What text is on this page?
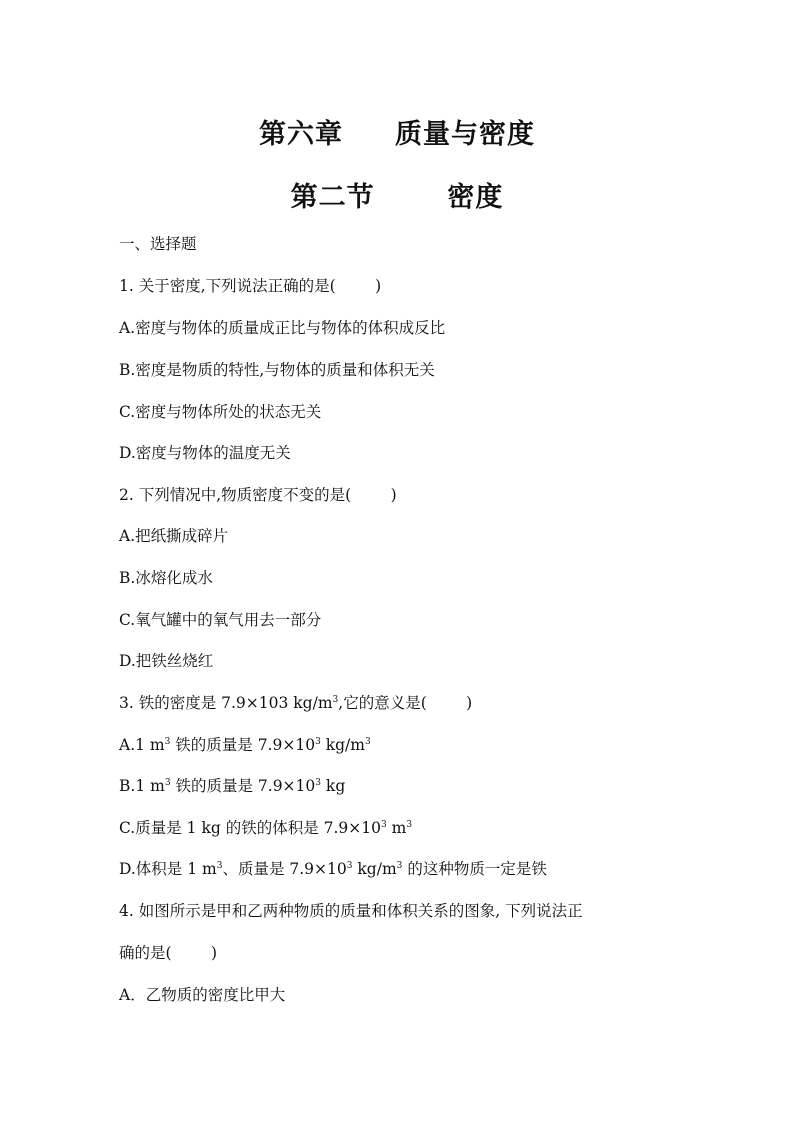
第六章     质量与密度
第二节       密度
一、选择题
1. 关于密度,下列说法正确的是(        )
A.密度与物体的质量成正比与物体的体积成反比
B.密度是物质的特性,与物体的质量和体积无关
C.密度与物体所处的状态无关
D.密度与物体的温度无关
2. 下列情况中,物质密度不变的是(        )
A.把纸撕成碎片
B.冰熔化成水
C.氧气罐中的氧气用去一部分
D.把铁丝烧红
3. 铁的密度是 7.9×103 $kg/m^3$,它的意义是(        )
A.1 $m^3$ 铁的质量是 $7.9\times 10^3$ $kg/m^3$
B.1 $m^3$ 铁的质量是 $7.9\times 10^3$ kg
C.质量是 1 kg 的铁的体积是 $7.9\times 10^3$ $m^3$
D.体积是 1 $m^3$、质量是 $7.9\times 10^3$ $kg/m^3$ 的这种物质一定是铁
4. 如图所示是甲和乙两种物质的质量和体积关系的图象, 下列说法正
确的是(        )
A．乙物质的密度比甲大
